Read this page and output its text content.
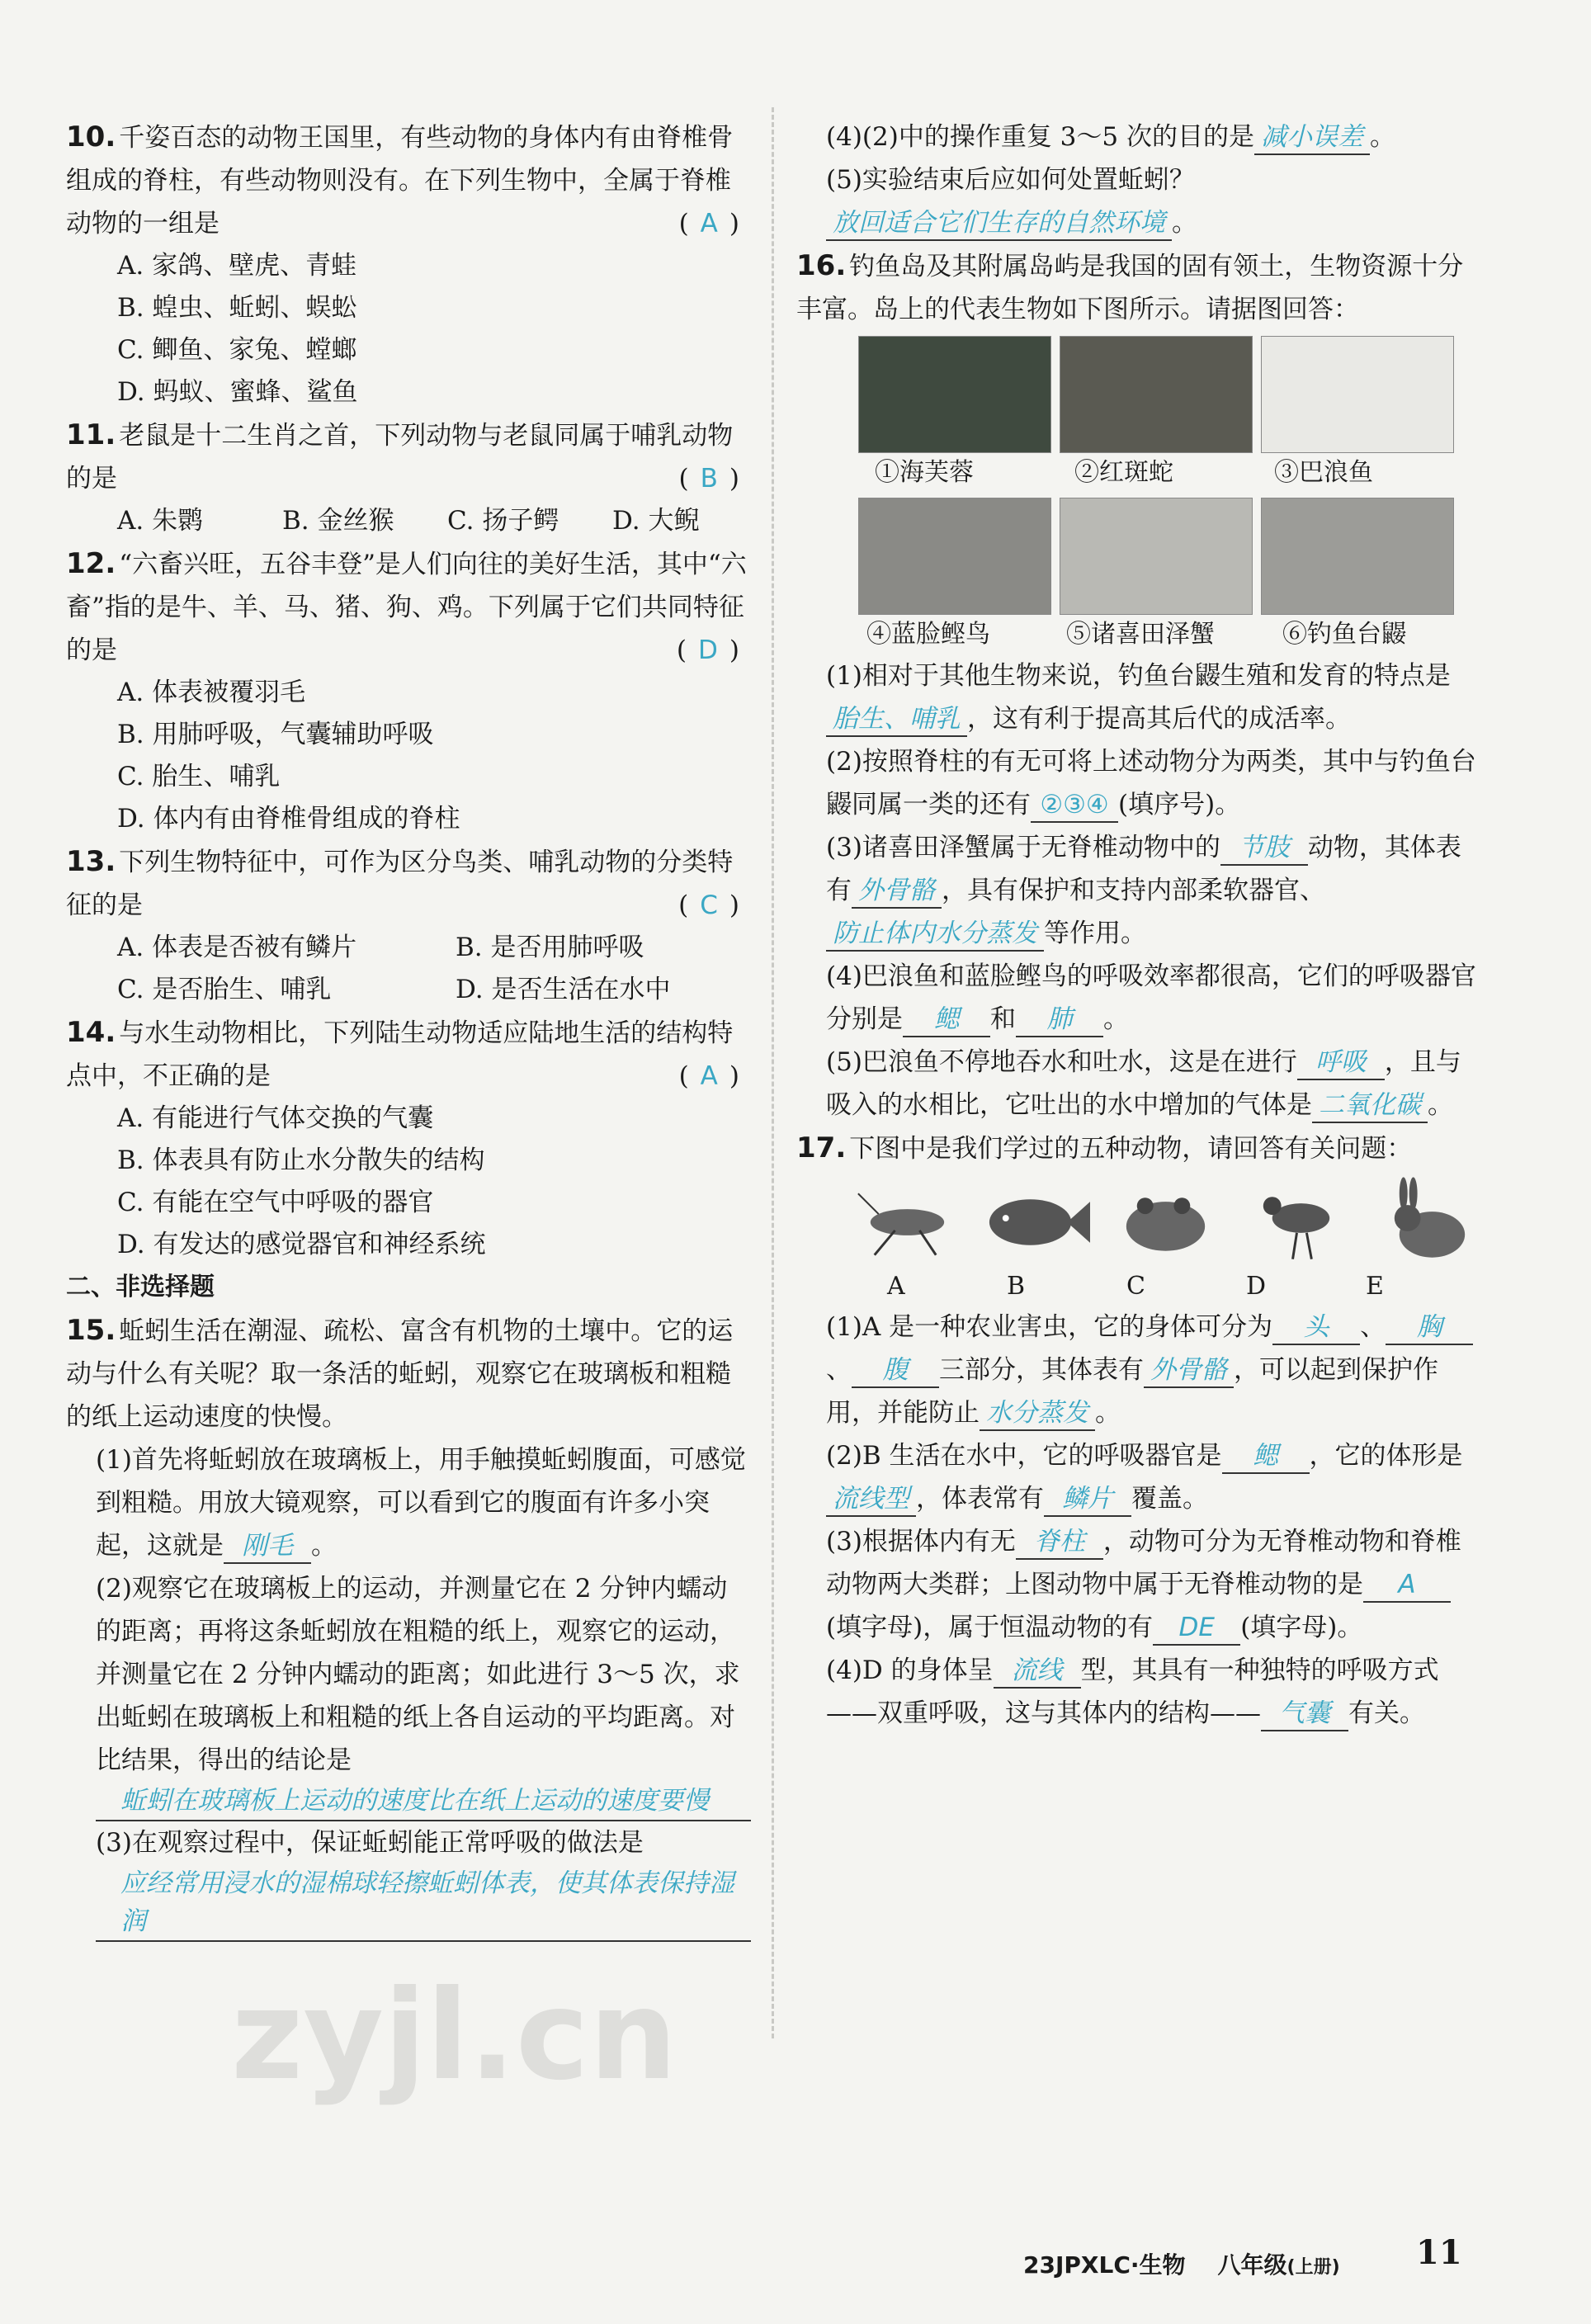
10. 千姿百态的动物王国里，有些动物的身体内有由脊椎骨组成的脊柱，有些动物则没有。在下列生物中，全属于脊椎动物的一组是	(A)
A. 家鸽、壁虎、青蛙
B. 蝗虫、蚯蚓、蜈蚣
C. 鲫鱼、家兔、螳螂
D. 蚂蚁、蜜蜂、鲨鱼
11. 老鼠是十二生肖之首，下列动物与老鼠同属于哺乳动物的是	(B)
A. 朱鹮	B. 金丝猴 C. 扬子鳄 D. 大鲵
12. “六畜兴旺，五谷丰登”是人们向往的美好生活，其中“六畜”指的是牛、羊、马、猪、狗、鸡。下列属于它们共同特征的是	(D)
A. 体表被覆羽毛
B. 用肺呼吸，气囊辅助呼吸
C. 胎生、哺乳
D. 体内有由脊椎骨组成的脊柱
13. 下列生物特征中，可作为区分鸟类、哺乳动物的分类特征的是	(C)
A. 体表是否被有鳞片	B. 是否用肺呼吸
C. 是否胎生、哺乳	D. 是否生活在水中
14. 与水生动物相比，下列陆生动物适应陆地生活的结构特点中，不正确的是	(A)
A. 有能进行气体交换的气囊
B. 体表具有防止水分散失的结构
C. 有能在空气中呼吸的器官
D. 有发达的感觉器官和神经系统
二、非选择题
15. 蚯蚓生活在潮湿、疏松、富含有机物的土壤中。它的运动与什么有关呢？取一条活的蚯蚓，观察它在玻璃板和粗糙的纸上运动速度的快慢。
(1)首先将蚯蚓放在玻璃板上，用手触摸蚯蚓腹面，可感觉到粗糙。用放大镜观察，可以看到它的腹面有许多小突起，这就是 刚毛 。
(2)观察它在玻璃板上的运动，并测量它在 2 分钟内蠕动的距离；再将这条蚯蚓放在粗糙的纸上，观察它的运动，并测量它在 2 分钟内蠕动的距离；如此进行 3～5 次，求出蚯蚓在玻璃板上和粗糙的纸上各自运动的平均距离。对比结果，得出的结论是
蚯蚓在玻璃板上运动的速度比在纸上运动的速度要慢
(3)在观察过程中，保证蚯蚓能正常呼吸的做法是
应经常用浸水的湿棉球轻擦蚯蚓体表，使其体表保持湿润
(4)(2)中的操作重复 3～5 次的目的是 减小误差 。
(5)实验结束后应如何处置蚯蚓？放回适合它们生存的自然环境 。
16. 钓鱼岛及其附属岛屿是我国的固有领土，生物资源十分丰富。岛上的代表生物如下图所示。请据图回答：
①海芙蓉	②红斑蛇	③巴浪鱼
④蓝脸鲣鸟	⑤诸喜田泽蟹	⑥钓鱼台鼹
(1)相对于其他生物来说，钓鱼台鼹生殖和发育的特点是胎生、哺乳 ，这有利于提高其后代的成活率。
(2)按照脊柱的有无可将上述动物分为两类，其中与钓鱼台鼹同属一类的还有 ②③④ (填序号)。
(3)诸喜田泽蟹属于无脊椎动物中的 节肢 动物，其体表有 外骨骼 ，具有保护和支持内部柔软器官、防止体内水分蒸发 等作用。
(4)巴浪鱼和蓝脸鲣鸟的呼吸效率都很高，它们的呼吸器官分别是 鳃 和 肺 。
(5)巴浪鱼不停地吞水和吐水，这是在进行 呼吸 ，且与吸入的水相比，它吐出的水中增加的气体是 二氧化碳 。
17. 下图中是我们学过的五种动物，请回答有关问题：
A	B	C	D	E
(1)A 是一种农业害虫，它的身体可分为 头 、 胸、 腹 三部分，其体表有 外骨骼 ，可以起到保护作用，并能防止 水分蒸发 。
(2)B 生活在水中，它的呼吸器官是 鳃 ，它的体形是流线型 ，体表常有 鳞片 覆盖。
(3)根据体内有无 脊柱 ，动物可分为无脊椎动物和脊椎动物两大类群；上图动物中属于无脊椎动物的是 A(填字母)，属于恒温动物的有 DE (填字母)。
(4)D 的身体呈 流线 型，其具有一种独特的呼吸方式——双重呼吸，这与其体内的结构—— 气囊 有关。
zyjl.cn
23JPXLC·生物 八年级(上册) 11
